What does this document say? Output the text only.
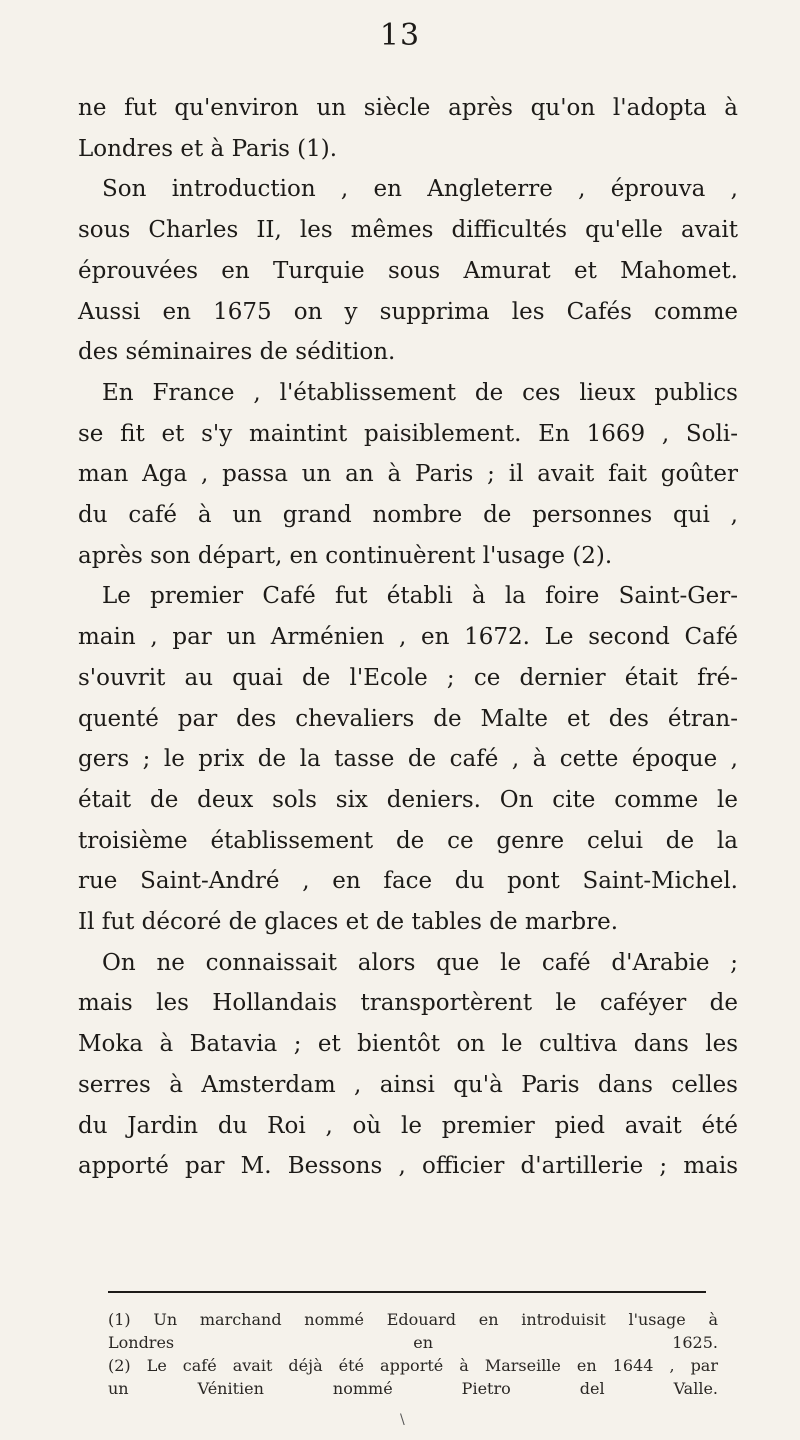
13
ne fut qu'environ un siècle après qu'on l'adopta à
Londres et à Paris (1).
Son introduction , en Angleterre , éprouva ,
sous Charles II, les mêmes difficultés qu'elle avait
éprouvées en Turquie sous Amurat et Mahomet.
Aussi en 1675 on y supprima les Cafés comme
des séminaires de sédition.
En France , l'établissement de ces lieux publics
se fit et s'y maintint paisiblement. En 1669 , Soli-
man Aga , passa un an à Paris ; il avait fait goûter
du café à un grand nombre de personnes qui ,
après son départ, en continuèrent l'usage (2).
Le premier Café fut établi à la foire Saint-Ger-
main , par un Arménien , en 1672. Le second Café
s'ouvrit au quai de l'Ecole ; ce dernier était fré-
quenté par des chevaliers de Malte et des étran-
gers ; le prix de la tasse de café , à cette époque ,
était de deux sols six deniers. On cite comme le
troisième établissement de ce genre celui de la
rue Saint-André , en face du pont Saint-Michel.
Il fut décoré de glaces et de tables de marbre.
On ne connaissait alors que le café d'Arabie ;
mais les Hollandais transportèrent le caféyer de
Moka à Batavia ; et bientôt on le cultiva dans les
serres à Amsterdam , ainsi qu'à Paris dans celles
du Jardin du Roi , où le premier pied avait été
apporté par M. Bessons , officier d'artillerie ; mais
(1) Un marchand nommé Edouard en introduisit l'usage à
Londres en 1625.
(2) Le café avait déjà été apporté à Marseille en 1644 , par
un Vénitien nommé Pietro del Valle.
\
